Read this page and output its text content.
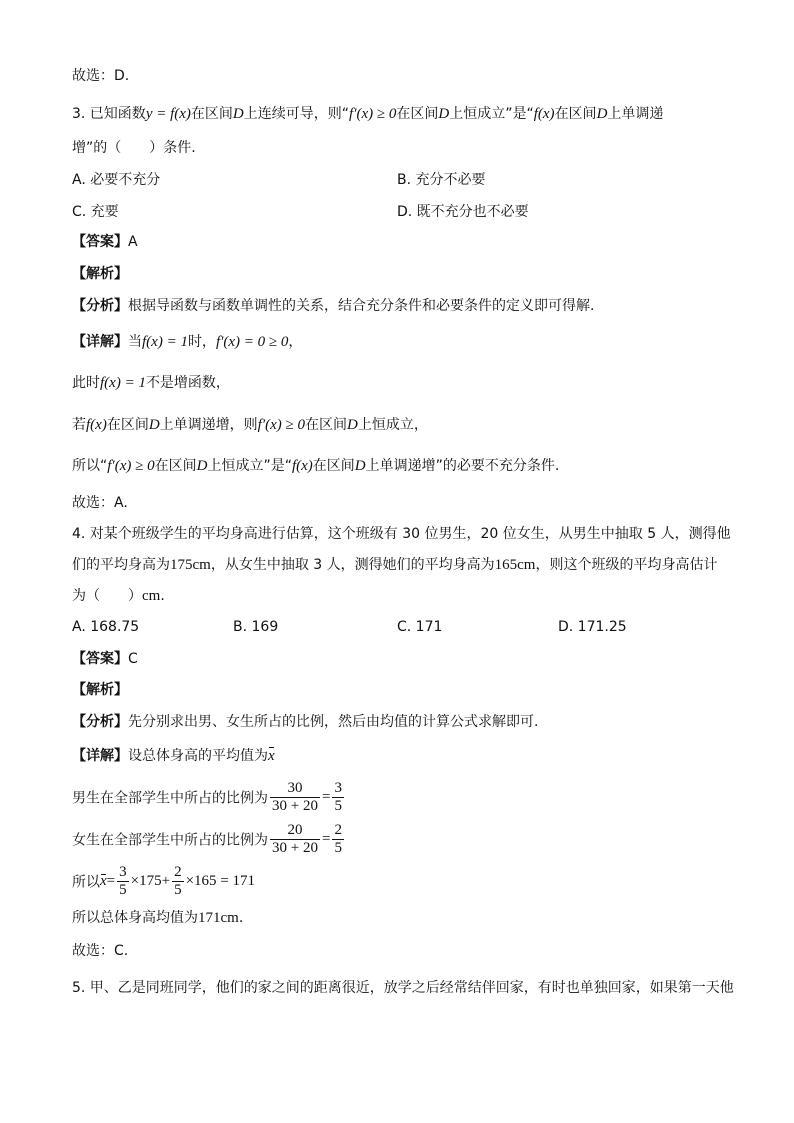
故选：D.
3. 已知函数y = f(x)在区间D上连续可导，则“f′(x) ≥ 0在区间D上恒成立”是“f(x)在区间D上单调递
增”的（　　）条件.
A. 必要不充分	B. 充分不必要
C. 充要	D. 既不充分也不必要
【答案】A
【解析】
【分析】根据导函数与函数单调性的关系，结合充分条件和必要条件的定义即可得解.
【详解】当f(x) = 1时，f′(x) = 0 ≥ 0，
此时f(x) = 1不是增函数，
若f(x)在区间D上单调递增，则f′(x) ≥ 0在区间D上恒成立，
所以“f′(x) ≥ 0在区间D上恒成立”是“f(x)在区间D上单调递增”的必要不充分条件.
故选：A.
4. 对某个班级学生的平均身高进行估算，这个班级有 30 位男生，20 位女生，从男生中抽取 5 人，测得他
们的平均身高为175cm，从女生中抽取 3 人，测得她们的平均身高为165cm，则这个班级的平均身高估计
为（　　）cm.
A. 168.75	B. 169	C. 171	D. 171.25
【答案】C
【解析】
【分析】先分别求出男、女生所占的比例，然后由均值的计算公式求解即可.
【详解】设总体身高的平均值为x
男生在全部学生中所占的比例为 $\frac{30}{30 + 20} = \frac{3}{5}$
女生在全部学生中所占的比例为 $\frac{20}{30 + 20} = \frac{2}{5}$
所以$x= \frac{3}{5} \times 175+ \frac{2}{5} \times 165 = 171$
所以总体身高均值为171cm.
故选：C.
5. 甲、乙是同班同学，他们的家之间的距离很近，放学之后经常结伴回家，有时也单独回家，如果第一天他
